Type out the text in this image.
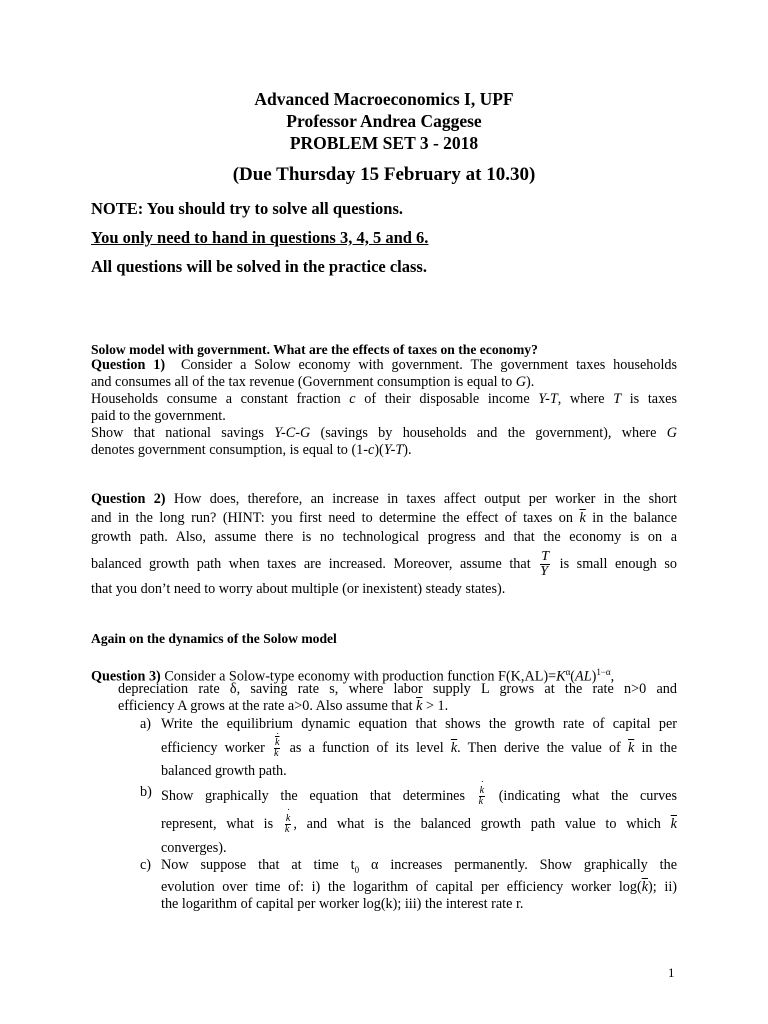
Advanced Macroeconomics I, UPF
Professor Andrea Caggese
PROBLEM SET 3 - 2018
(Due Thursday 15 February at 10.30)
NOTE: You should try to solve all questions.
You only need to hand in questions 3, 4, 5 and 6.
All questions will be solved in the practice class.
Solow model with government. What are the effects of taxes on the economy?
Question 1) Consider a Solow economy with government. The government taxes households
and consumes all of the tax revenue (Government consumption is equal to G).
Households consume a constant fraction c of their disposable income Y-T, where T is taxes
paid to the government.
Show that national savings Y-C-G (savings by households and the government), where G
denotes government consumption, is equal to (1-c)(Y-T).
Question 2) How does, therefore, an increase in taxes affect output per worker in the short
and in the long run? (HINT: you first need to determine the effect of taxes on $\overline{k}$ in the balance
growth path. Also, assume there is no technological progress and that the economy is on a
balanced growth path when taxes are increased. Moreover, assume that $\frac{T}{Y}$ is small enough so
that you don’t need to worry about multiple (or inexistent) steady states).
Again on the dynamics of the Solow model
Question 3) Consider a Solow-type economy with production function $F(K,AL)=K^\alpha(AL)^{1-\alpha}$,
depreciation rate δ, saving rate s, where labor supply L grows at the rate n>0 and
efficiency A grows at the rate a>0. Also assume that $\overline{k} > 1$.
a) Write the equilibrium dynamic equation that shows the growth rate of capital per
efficiency worker ˙ $\frac{\overline{k}}{k}$ as a function of its level $\overline{k}$. Then derive the value of $\overline{k}$ in the
balanced growth path.
b) Show graphically the equation that determines ˙ $\frac{k}{k}$ (indicating what the curves
represent, what is ˙ $\frac{k}{k}$ , and what is the balanced growth path value to which $\overline{k}$
converges).
c) Now suppose that at time $t_0$ α increases permanently. Show graphically the
evolution over time of: i) the logarithm of capital per efficiency worker $\log(\overline{k})$; ii)
the logarithm of capital per worker log(k); iii) the interest rate r.
1
